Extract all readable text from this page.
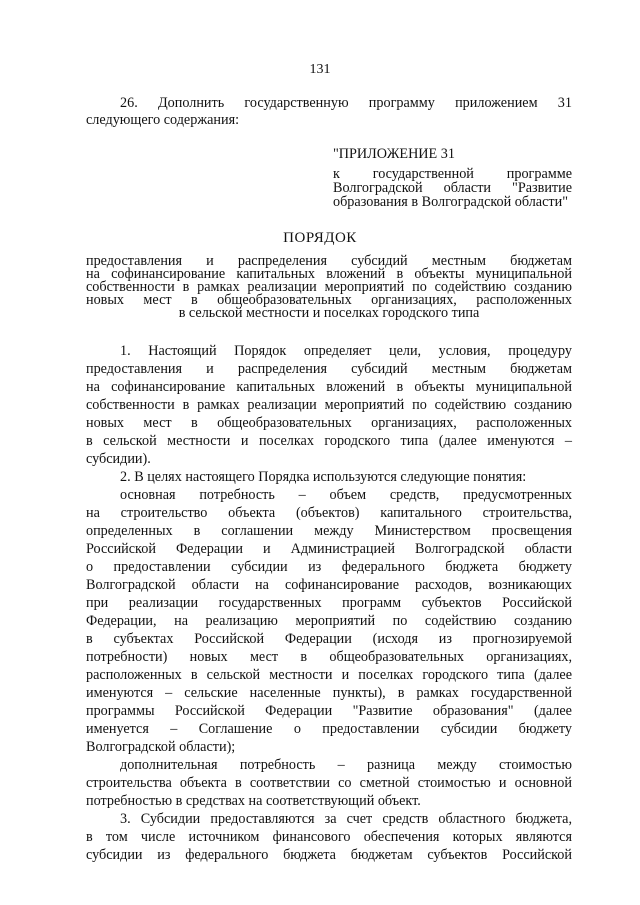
131
26. Дополнить государственную программу приложением 31
следующего содержания:
"ПРИЛОЖЕНИЕ 31
к государственной программе
Волгоградской области "Развитие
образования в Волгоградской области"
ПОРЯДОК
предоставления и распределения субсидий местным бюджетам
на софинансирование капитальных вложений в объекты муниципальной
собственности в рамках реализации мероприятий по содействию созданию
новых мест в общеобразовательных организациях, расположенных
в сельской местности и поселках городского типа
1. Настоящий Порядок определяет цели, условия, процедуру
предоставления и распределения субсидий местным бюджетам
на софинансирование капитальных вложений в объекты муниципальной
собственности в рамках реализации мероприятий по содействию созданию
новых мест в общеобразовательных организациях, расположенных
в сельской местности и поселках городского типа (далее именуются –
субсидии).
2. В целях настоящего Порядка используются следующие понятия:
основная потребность – объем средств, предусмотренных
на строительство объекта (объектов) капитального строительства,
определенных в соглашении между Министерством просвещения
Российской Федерации и Администрацией Волгоградской области
о предоставлении субсидии из федерального бюджета бюджету
Волгоградской области на софинансирование расходов, возникающих
при реализации государственных программ субъектов Российской
Федерации, на реализацию мероприятий по содействию созданию
в субъектах Российской Федерации (исходя из прогнозируемой
потребности) новых мест в общеобразовательных организациях,
расположенных в сельской местности и поселках городского типа (далее
именуются – сельские населенные пункты), в рамках государственной
программы Российской Федерации "Развитие образования" (далее
именуется – Соглашение о предоставлении субсидии бюджету
Волгоградской области);
дополнительная потребность – разница между стоимостью
строительства объекта в соответствии со сметной стоимостью и основной
потребностью в средствах на соответствующий объект.
3. Субсидии предоставляются за счет средств областного бюджета,
в том числе источником финансового обеспечения которых являются
субсидии из федерального бюджета бюджетам субъектов Российской
